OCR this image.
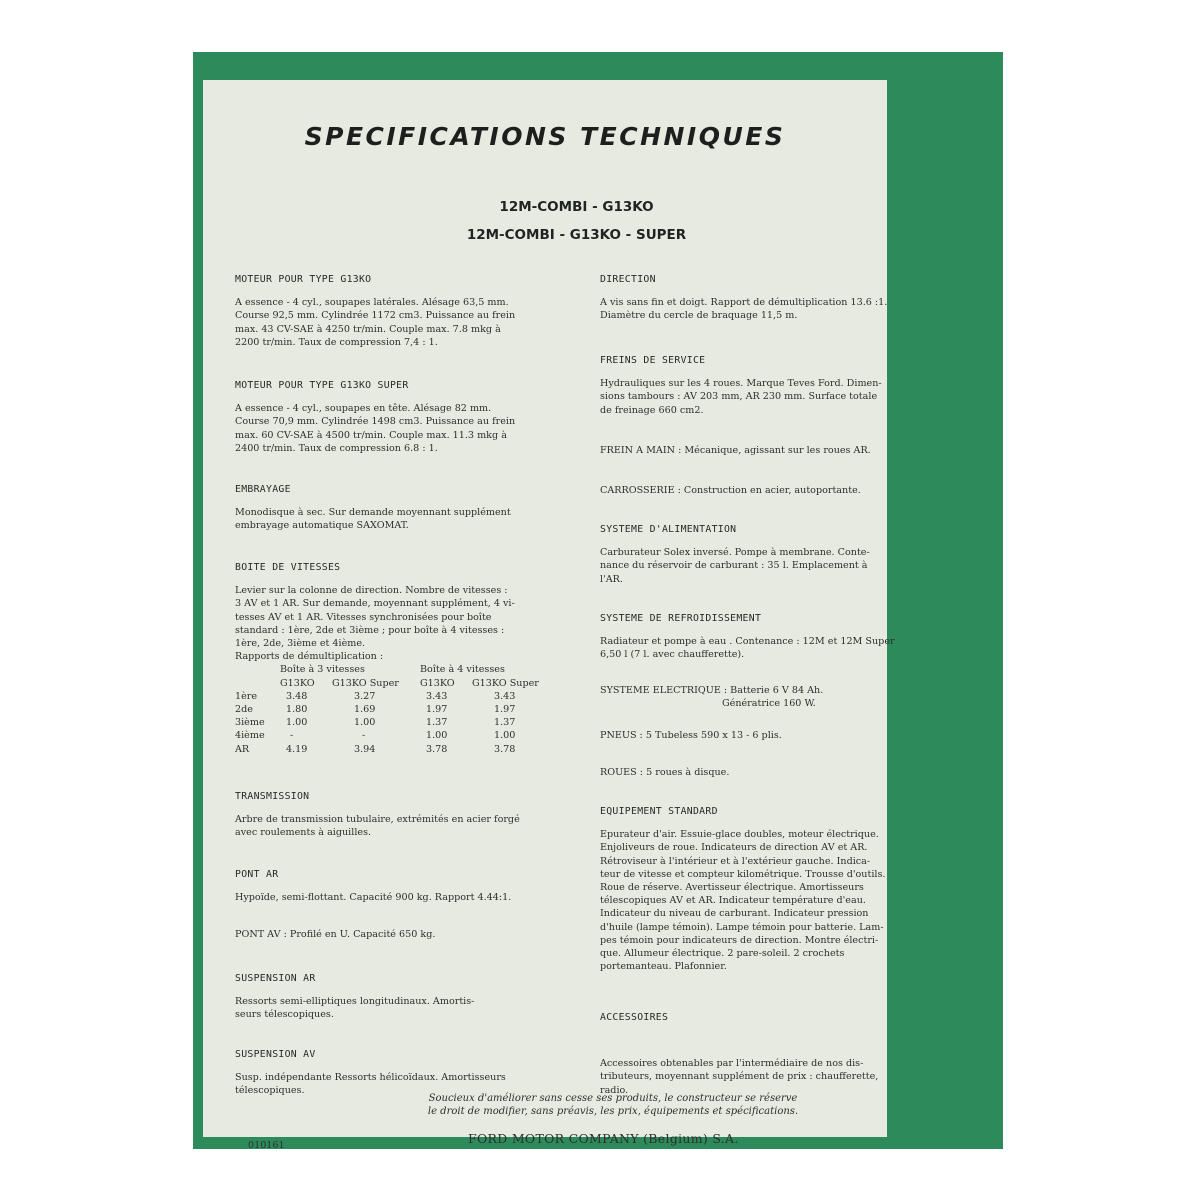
SPECIFICATIONS TECHNIQUES
12M-COMBI - G13KO
12M-COMBI - G13KO - SUPER
MOTEUR POUR TYPE G13KO
A essence - 4 cyl., soupapes latérales. Alésage 63,5 mm.
Course 92,5 mm. Cylindrée 1172 cm3. Puissance au frein
max. 43 CV-SAE à 4250 tr/min. Couple max. 7.8 mkg à
2200 tr/min. Taux de compression 7,4 : 1.
MOTEUR POUR TYPE G13KO SUPER
A essence - 4 cyl., soupapes en tête. Alésage 82 mm.
Course 70,9 mm. Cylindrée 1498 cm3. Puissance au frein
max. 60 CV-SAE à 4500 tr/min. Couple max. 11.3 mkg à
2400 tr/min. Taux de compression 6.8 : 1.
EMBRAYAGE
Monodisque à sec. Sur demande moyennant supplément
embrayage automatique SAXOMAT.
BOITE DE VITESSES
Levier sur la colonne de direction. Nombre de vitesses :
3 AV et 1 AR. Sur demande, moyennant supplément, 4 vi-
tesses AV et 1 AR. Vitesses synchronisées pour boîte
standard : 1ère, 2de et 3ième ; pour boîte à 4 vitesses :
1ère, 2de, 3ième et 4ième.
Rapports de démultiplication :
	Boîte à 3 vitesses		Boîte à 4 vitesses	
	G13KO	G13KO Super	G13KO	G13KO Super
1ère	3.48	3.27	3.43	3.43
2de	1.80	1.69	1.97	1.97
3ième	1.00	1.00	1.37	1.37
4ième	-	-	1.00	1.00
AR	4.19	3.94	3.78	3.78
TRANSMISSION
Arbre de transmission tubulaire, extrémités en acier forgé
avec roulements à aiguilles.
PONT AR
Hypoïde, semi-flottant. Capacité 900 kg. Rapport 4.44:1.
PONT AV : Profilé en U. Capacité 650 kg.
SUSPENSION AR
Ressorts semi-elliptiques longitudinaux. Amortis-
seurs télescopiques.
SUSPENSION AV
Susp. indépendante Ressorts hélicoïdaux. Amortisseurs
télescopiques.
DIRECTION
A vis sans fin et doigt. Rapport de démultiplication 13.6 :1.
Diamètre du cercle de braquage 11,5 m.
FREINS DE SERVICE
Hydrauliques sur les 4 roues. Marque Teves Ford. Dimen-
sions tambours : AV 203 mm, AR 230 mm. Surface totale
de freinage 660 cm2.
FREIN A MAIN : Mécanique, agissant sur les roues AR.
CARROSSERIE : Construction en acier, autoportante.
SYSTEME D'ALIMENTATION
Carburateur Solex inversé. Pompe à membrane. Conte-
nance du réservoir de carburant : 35 l. Emplacement à
l'AR.
SYSTEME DE REFROIDISSEMENT
Radiateur et pompe à eau . Contenance : 12M et 12M Super
6,50 l (7 l. avec chaufferette).
SYSTEME ELECTRIQUE : Batterie 6 V 84 Ah.
Génératrice 160 W.
PNEUS : 5 Tubeless 590 x 13 - 6 plis.
ROUES : 5 roues à disque.
EQUIPEMENT STANDARD
Epurateur d'air. Essuie-glace doubles, moteur électrique.
Enjoliveurs de roue. Indicateurs de direction AV et AR.
Rétroviseur à l'intérieur et à l'extérieur gauche. Indica-
teur de vitesse et compteur kilométrique. Trousse d'outils.
Roue de réserve. Avertisseur électrique. Amortisseurs
télescopiques AV et AR. Indicateur température d'eau.
Indicateur du niveau de carburant. Indicateur pression
d'huile (lampe témoin). Lampe témoin pour batterie. Lam-
pes témoin pour indicateurs de direction. Montre électri-
que. Allumeur électrique. 2 pare-soleil. 2 crochets
portemanteau. Plafonnier.
ACCESSOIRES
Accessoires obtenables par l'intermédiaire de nos dis-
tributeurs, moyennant supplément de prix : chaufferette,
radio.
Soucieux d'améliorer sans cesse ses produits, le constructeur se réserve
le droit de modifier, sans préavis, les prix, équipements et spécifications.
010161	FORD MOTOR COMPANY (Belgium) S.A.
